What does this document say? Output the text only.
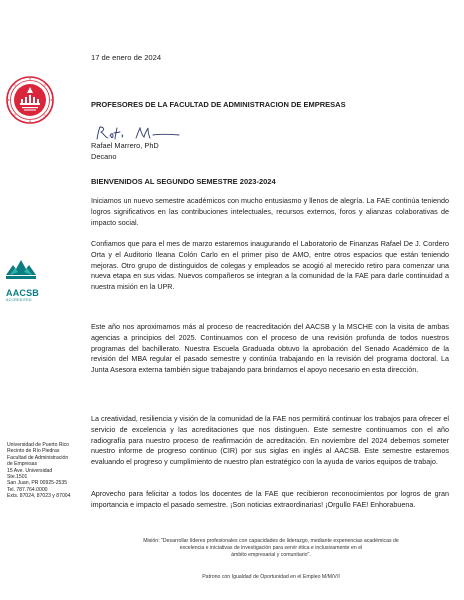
AACSB
ACCREDITED
Universidad de Puerto Rico
Recinto de Río Piedras
Facultad de Administración
de Empresas
15 Ave. Universidad
Ste.1501
San Juan, PR 00925-2535
Tel. 787.764.0000
Exts. 87024, 87023 y 87004
17 de enero de 2024
PROFESORES DE LA FACULTAD DE ADMINISTRACION DE EMPRESAS
Rafael Marrero, PhD
Decano
BIENVENIDOS AL SEGUNDO SEMESTRE 2023-2024

Iniciamos un nuevo semestre académicos con mucho entusiasmo y llenos de alegría. La FAE continúa teniendo logros significativos en las contribuciones intelectuales, recursos externos, foros y alianzas colaborativas de impacto social.

Confiamos que para el mes de marzo estaremos inaugurando el Laboratorio de Finanzas Rafael De J. Cordero Orta y el Auditorio Ileana Colón Carlo en el primer piso de AMO, entre otros espacios que están teniendo mejoras. Otro grupo de distinguidos de colegas y empleados se acogió al merecido retiro para comenzar una nueva etapa en sus vidas. Nuevos compañeros se integran a la comunidad de la FAE para darle continuidad a nuestra misión en la UPR.

Este año nos aproximamos más al proceso de reacreditación del AACSB y la MSCHE con la visita de ambas agencias a principios del 2025. Continuamos con el proceso de una revisión profunda de todos nuestros programas del bachillerato. Nuestra Escuela Graduada obtuvo la aprobación del Senado Académico de la revisión del MBA regular el pasado semestre y continúa trabajando en la revisión del programa doctoral. La Junta Asesora externa también sigue trabajando para brindarnos el apoyo necesario en esta dirección.

La creatividad, resiliencia y visión de la comunidad de la FAE nos permitirá continuar los trabajos para ofrecer el servicio de excelencia y las acreditaciones que nos distinguen. Este semestre continuamos con el año radiografía para nuestro proceso de reafirmación de acreditación. En noviembre del 2024 debemos someter nuestro informe de progreso continuo (CIR) por sus siglas en inglés al AACSB. Este semestre estaremos evaluando el progreso y cumplimiento de nuestro plan estratégico con la ayuda de varios equipos de trabajo.

Aprovecho para felicitar a todos los docentes de la FAE que recibieron reconocimientos por logros de gran importancia e impacto el pasado semestre. ¡Son noticias extraordinarias! ¡Orgullo FAE! Enhorabuena.

Misión: "Desarrollar líderes profesionales con capacidades de liderazgo, mediante experiencias académicas de
excelencia e iniciativas de investigación para servir ética e inclusivamente en el
ámbito empresarial y comunitario".
Patrono con Igualdad de Oportunidad en el Empleo M/M/V/I
